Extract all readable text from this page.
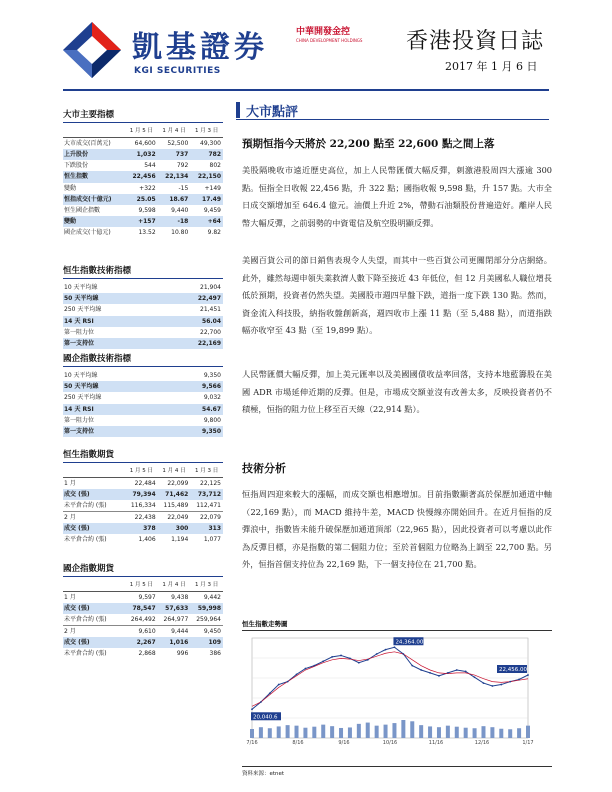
凱基證券
KGI SECURITIES
中華開發金控
CHINA DEVELOPMENT HOLDINGS 香港投資日誌
2017 年 1 月 6 日
大市主要指標
	1 月 5 日	1 月 4 日	1 月 3 日
大市成交(百萬元)	64,600	52,500	49,300
上升股份	1,032	737	782
下跌股份	544	792	802
恒生指數	22,456	22,134	22,150
變動	+322	-15	+149
恒指成交(十億元)	25.05	18.67	17.49
恒生國企指數	9,598	9,440	9,459
變動	+157	-18	+64
國企成交(十億元)	13.52	10.80	9.82
恒生指數技術指標
10 天平均線	21,904
50 天平均線	22,497
250 天平均線	21,451
14 天 RSI	56.04
第一阻力位	22,700
第一支持位	22,169
國企指數技術指標
10 天平均線	9,350
50 天平均線	9,566
250 天平均線	9,032
14 天 RSI	54.67
第一阻力位	9,800
第一支持位	9,350
恒生指數期貨
	1 月 5 日	1 月 4 日	1 月 3 日
1 月	22,484	22,099	22,125
成交 (張)	79,394	71,462	73,712
未平倉合約 (張)	116,334	115,489	112,471
2 月	22,438	22,049	22,079
成交 (張)	378	300	313
未平倉合約 (張)	1,406	1,194	1,077
國企指數期貨
	1 月 5 日	1 月 4 日	1 月 3 日
1 月	9,597	9,438	9,442
成交 (張)	78,547	57,633	59,998
未平倉合約 (張)	264,492	264,977	259,964
2 月	9,610	9,444	9,450
成交 (張)	2,267	1,016	109
未平倉合約 (張)	2,868	996	386
大市點評
預期恒指今天將於 22,200 點至 22,600 點之間上落
美股隔晚收市遠近歷史高位，加上人民幣匯價大幅反彈，刺激港股周四大漲逾 300 點。恒指全日收報 22,456 點，升 322 點；國指收報 9,598 點，升 157 點。大市全日成交額增加至 646.4 億元。油價上升近 2%，帶動石油類股份普遍造好。離岸人民幣大幅反彈，之前弱勢的中資電信及航空股明顯反彈。
美國百貨公司的節日銷售表現令人失望，而其中一些百貨公司更關閉部分分店網絡。此外，雖然每週申領失業救濟人數下降至接近 43 年低位，但 12 月美國私人職位增長低於預期，投資者仍然失望。美國股市週四早盤下跌，道指一度下跌 130 點。然而，資金流入科技股，納指收盤創新高，週四收市上漲 11 點（至 5,488 點），而道指跌幅亦收窄至 43 點（至 19,899 點）。
人民幣匯價大幅反彈，加上美元匯率以及美國國債收益率回落，支持本地藍籌股在美國 ADR 市場延伸近期的反彈。但是，市場成交額並沒有改善太多，反映投資者仍不積極，恒指的阻力位上移至百天線（22,914 點）。
技術分析
恒指周四迎來較大的漲幅，而成交額也相應增加。目前指數顯著高於保歷加通道中軸（22,169 點），而 MACD 維持牛差，MACD 快慢線亦開始回升。在近月恒指的反彈浪中，指數皆未能升破保歷加通道頂部（22,965 點），因此投資者可以考慮以此作為反彈目標，亦是指數的第二個阻力位；至於首個阻力位略為上調至 22,700 點。另外，恒指首個支持位為 22,169 點，下一個支持位在 21,700 點。
恒生指數走勢圖
24,364.00
20,040.6
22,456.00
7/16	8/16	9/16	10/16	11/16	12/16	1/17
資料來源：etnet
